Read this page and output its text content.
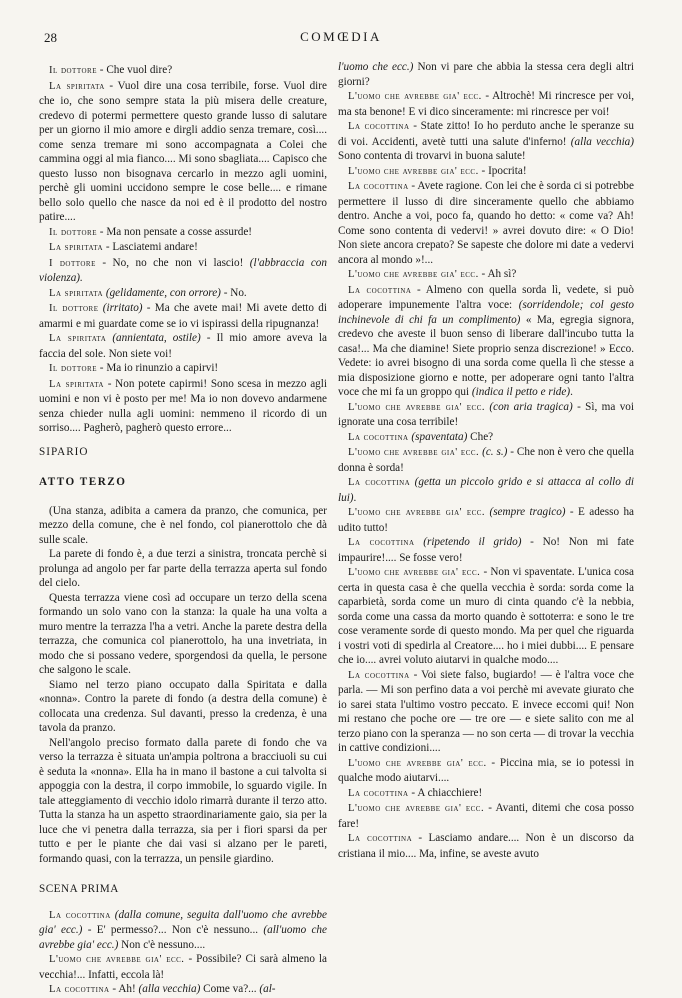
28	COMŒDIA

Il dottore - Che vuol dire?

La spiritata - Vuol dire una cosa terribile, forse. Vuol dire che io, che sono sempre stata la più misera delle creature, credevo di potermi permettere questo grande lusso di salutare per un giorno il mio amore e dirgli addio senza tremare, così.... come senza tremare mi sono accompagnata a Colei che cammina oggi al mia fianco.... Mi sono sbagliata.... Capisco che questo lusso non bisognava cercarlo in mezzo agli uomini, perchè gli uomini uccidono sempre le cose belle.... e rimane bello solo quello che nasce da noi ed è il prodotto del nostro patire....

Il dottore - Ma non pensate a cosse assurde!

La spiritata - Lasciatemi andare!

I dottore - No, no che non vi lascio! (l'abbraccia con violenza).

La spiritata (gelidamente, con orrore) - No.

Il dottore (irritato) - Ma che avete mai! Mi avete detto di amarmi e mi guardate come se io vi ispirassi della ripugnanza!

La spiritata (annientata, ostile) - Il mio amore aveva la faccia del sole. Non siete voi!

Il dottore - Ma io rinunzio a capirvi!

La spiritata - Non potete capirmi! Sono scesa in mezzo agli uomini e non vi è posto per me! Ma io non dovevo andarmene senza chieder nulla agli uomini: nemmeno il ricordo di un sorriso.... Pagherò, pagherò questo errore...

SIPARIO

ATTO TERZO

(Una stanza, adibita a camera da pranzo, che comunica, per mezzo della comune, che è nel fondo, col pianerottolo che dà sulle scale.

La parete di fondo è, a due terzi a sinistra, troncata perchè si prolunga ad angolo per far parte della terrazza aperta sul fondo del cielo.

Questa terrazza viene così ad occupare un terzo della scena formando un solo vano con la stanza: la quale ha una volta a muro mentre la terrazza l'ha a vetri. Anche la parete destra della terrazza, che comunica col pianerottolo, ha una invetriata, in modo che si possano vedere, sporgendosi da quella, le persone che salgono le scale.

Siamo nel terzo piano occupato dalla Spiritata e dalla «nonna». Contro la parete di fondo (a destra della comune) è collocata una credenza. Sul davanti, presso la credenza, è una tavola da pranzo.

Nell'angolo preciso formato dalla parete di fondo che va verso la terrazza è situata un'ampia poltrona a bracciuoli su cui è seduta la «nonna». Ella ha in mano il bastone a cui talvolta si appoggia con la destra, il corpo immobile, lo sguardo vigile. In tale atteggiamento di vecchio idolo rimarrà durante il terzo atto. Tutta la stanza ha un aspetto straordinariamente gaio, sia per la luce che vi penetra dalla terrazza, sia per i fiori sparsi da per tutto e per le piante che dai vasi si alzano per le pareti, formando quasi, con la terrazza, un pensile giardino.

SCENA PRIMA

La cocottina (dalla comune, seguita dall'uomo che avrebbe gia' ecc.) - E' permesso?... Non c'è nessuno... (all'uomo che avrebbe gia' ecc.) Non c'è nessuno....

L'uomo che avrebbe gia' ecc. - Possibile? Ci sarà almeno la vecchia!... Infatti, eccola là!

La cocottina - Ah! (alla vecchia) Come va?... (al-

l'uomo che ecc.) Non vi pare che abbia la stessa cera degli altri giorni?

L'uomo che avrebbe gia' ecc. - Altrochè! Mi rincresce per voi, ma sta benone! E vi dico sinceramente: mi rincresce per voi!

La cocottina - State zitto! Io ho perduto anche le speranze su di voi. Accidenti, avetè tutti una salute d'inferno! (alla vecchia) Sono contenta di trovarvi in buona salute!

L'uomo che avrebbe gia' ecc. - Ipocrita!

La cocottina - Avete ragione. Con lei che è sorda ci si potrebbe permettere il lusso di dire sinceramente quello che abbiamo dentro. Anche a voi, poco fa, quando ho detto: « come va? Ah! Come sono contenta di vedervi! » avrei dovuto dire: « O Dio! Non siete ancora crepato? Se sapeste che dolore mi date a vedervi ancora al mondo »!...

L'uomo che avrebbe gia' ecc. - Ah sì?

La cocottina - Almeno con quella sorda lì, vedete, si può adoperare impunemente l'altra voce: (sorridendole; col gesto inchinevole di chi fa un complimento) « Ma, egregia signora, credevo che aveste il buon senso di liberare dall'incubo tutta la casa!... Ma che diamine! Siete proprio senza discrezione! » Ecco. Vedete: io avrei bisogno di una sorda come quella lì che stesse a mia disposizione giorno e notte, per adoperare ogni tanto l'altra voce che mi fa un groppo qui (indica il petto e ride).

L'uomo che avrebbe gia' ecc. (con aria tragica) - Sì, ma voi ignorate una cosa terribile!

La cocottina (spaventata) Che?

L'uomo che avrebbe gia' ecc. (c. s.) - Che non è vero che quella donna è sorda!

La cocottina (getta un piccolo grido e si attacca al collo di lui).

L'uomo che avrebbe gia' ecc. (sempre tragico) - E adesso ha udito tutto!

La cocottina (ripetendo il grido) - No! Non mi fate impaurire!.... Se fosse vero!

L'uomo che avrebbe gia' ecc. - Non vi spaventate. L'unica cosa certa in questa casa è che quella vecchia è sorda: sorda come la caparbietà, sorda come un muro di cinta quando c'è la nebbia, sorda come una cassa da morto quando è sottoterra: e sono le tre cose veramente sorde di questo mondo. Ma per quel che riguarda i vostri voti di spedirla al Creatore.... ho i miei dubbi.... E pensare che io.... avrei voluto aiutarvi in qualche modo....

La cocottina - Voi siete falso, bugiardo! — è l'altra voce che parla. — Mi son perfino data a voi perchè mi avevate giurato che io sarei stata l'ultimo vostro peccato. E invece eccomi qui! Non mi restano che poche ore — tre ore — e siete salito con me al terzo piano con la speranza — no son certa — di trovar la vecchia in cattive condizioni....

L'uomo che avrebbe gia' ecc. - Piccina mia, se io potessi in qualche modo aiutarvi....

La cocottina - A chiacchiere!

L'uomo che avrebbe gia' ecc. - Avanti, ditemi che cosa posso fare!

La cocottina - Lasciamo andare.... Non è un discorso da cristiana il mio.... Ma, infine, se aveste avuto
